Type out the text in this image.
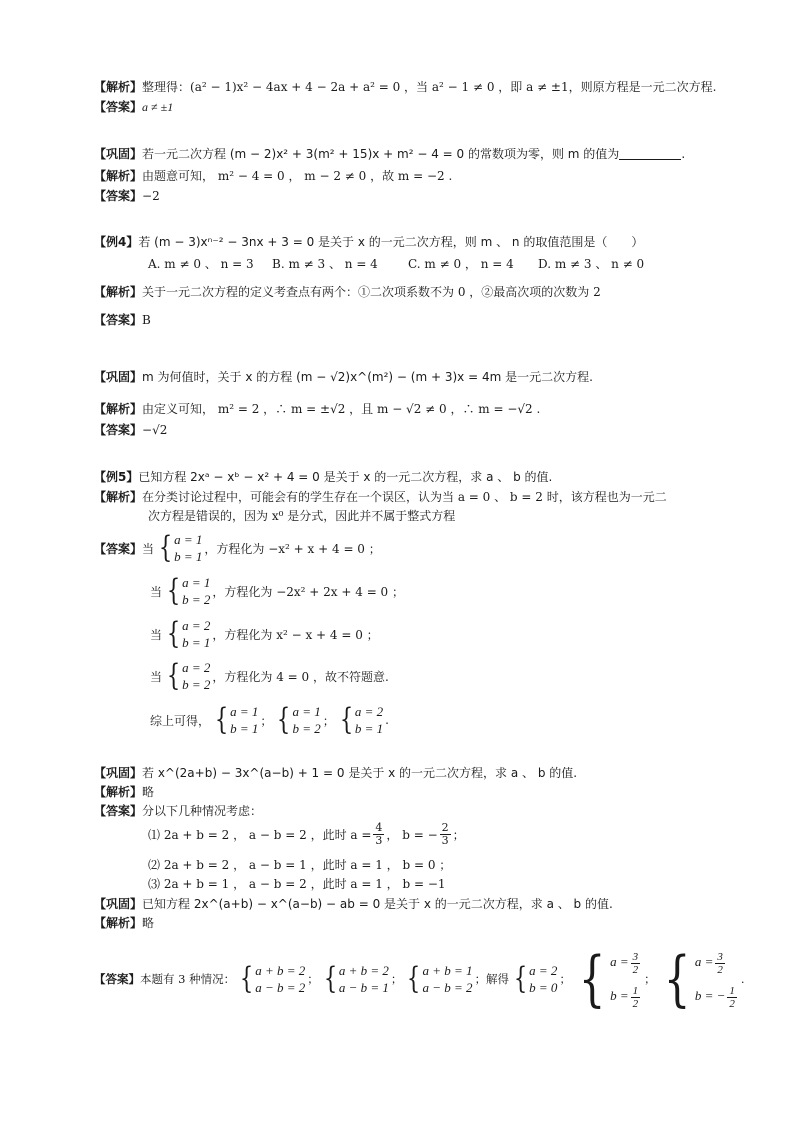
【解析】整理得：(a² − 1)x² − 4ax + 4 − 2a + a² = 0 ，当 a² − 1 ≠ 0 ，即 a ≠ ±1，则原方程是一元二次方程.
【答案】a ≠ ±1
【巩固】若一元二次方程 (m − 2)x² + 3(m² + 15)x + m² − 4 = 0 的常数项为零，则 m 的值为	.
【解析】由题意可知， m² − 4 = 0 ， m − 2 ≠ 0 ，故 m = −2 .
【答案】−2
【例4】若 (m − 3)xⁿ⁻² − 3nx + 3 = 0 是关于 x 的一元二次方程，则 m 、 n 的取值范围是（　　）
A. m ≠ 0 、 n = 3 B. m ≠ 3 、 n = 4	C. m ≠ 0 ， n = 4 D. m ≠ 3 、 n ≠ 0
【解析】关于一元二次方程的定义考查点有两个：①二次项系数不为 0 ，②最高次项的次数为 2
【答案】B
【巩固】m 为何值时，关于 x 的方程 (m − √2)x^(m²) − (m + 3)x = 4m 是一元二次方程.
【解析】由定义可知， m² = 2 ，∴ m = ±√2 ，且 m − √2 ≠ 0 ，∴ m = −√2 .
【答案】−√2
【例5】已知方程 2xᵃ − xᵇ − x² + 4 = 0 是关于 x 的一元二次方程，求 a 、 b 的值.
【解析】在分类讨论过程中，可能会有的学生存在一个误区，认为当 a = 0 、 b = 2 时，该方程也为一元二
次方程是错误的，因为 x⁰ 是分式，因此并不属于整式方程
【答案】 当 { a = 1
b = 1
，方程化为 −x² + x + 4 = 0 ；
当 { a = 1
b = 2
，方程化为 −2x² + 2x + 4 = 0 ；
当 { a = 2
b = 1
，方程化为 x² − x + 4 = 0 ；
当 { a = 2
b = 2
，方程化为 4 = 0 ，故不符题意.
综上可得， { a = 1
b = 1
； { a = 1
b = 2
； { a = 2
b = 1
.
【巩固】若 x^(2a+b) − 3x^(a−b) + 1 = 0 是关于 x 的一元二次方程，求 a 、 b 的值.
【解析】略
【答案】分以下几种情况考虑：
⑴ 2a + b = 2 ， a − b = 2 ，此时 $a = \frac{4}{3}$ ， b = − $\frac{2}{3}$ ；
⑵ 2a + b = 2 ， a − b = 1 ，此时 a = 1 ， b = 0 ；
⑶ 2a + b = 1 ， a − b = 2 ，此时 a = 1 ， b = −1
【巩固】已知方程 2x^(a+b) − x^(a−b) − ab = 0 是关于 x 的一元二次方程，求 a 、 b 的值.
【解析】略
【答案】 本题有 3 种情况： { a + b = 2
a − b = 2
； { a + b = 2
a − b = 1
； { a + b = 1
a − b = 2
；解得 { a = 2
b = 0
； { $a = \frac{3}{2}$
$b = \frac{1}{2}$
； { $a = \frac{3}{2}$
b = − $\frac{1}{2}$
.
